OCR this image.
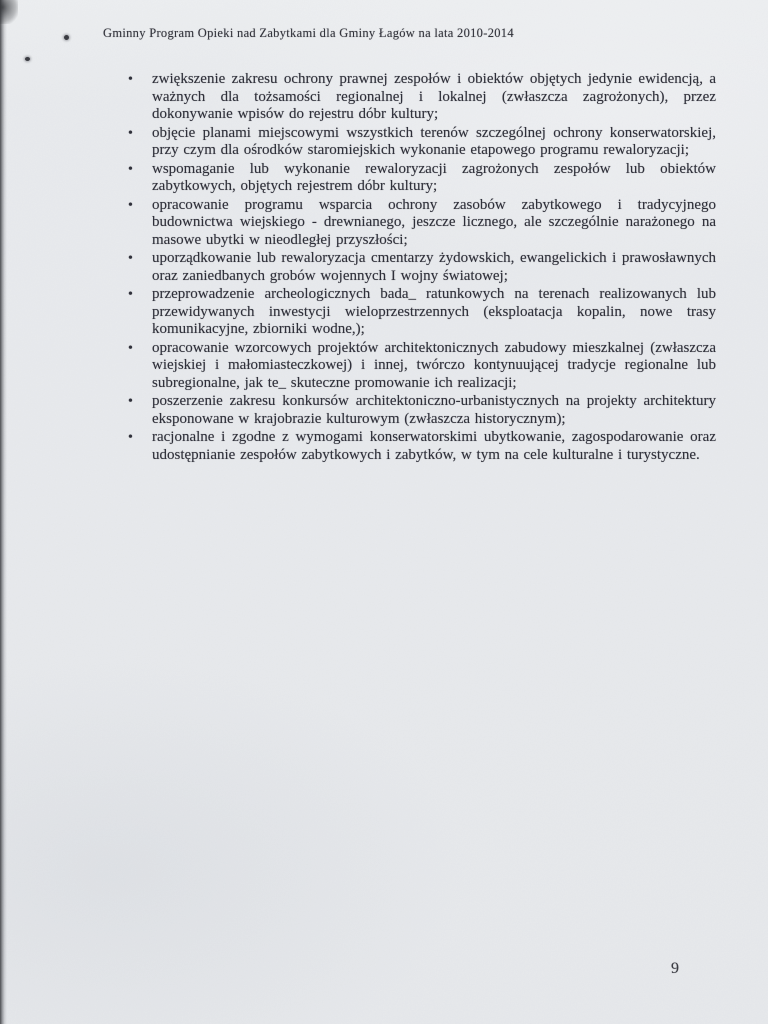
Gminny Program Opieki nad Zabytkami dla Gminy Łagów na lata 2010-2014

•	zwiększenie zakresu ochrony prawnej zespołów i obiektów objętych jedynie ewidencją, a ważnych dla tożsamości regionalnej i lokalnej (zwłaszcza zagrożonych), przez dokonywanie wpisów do rejestru dóbr kultury;
•	objęcie planami miejscowymi wszystkich terenów szczególnej ochrony konserwatorskiej, przy czym dla ośrodków staromiejskich wykonanie etapowego programu rewaloryzacji;
•	wspomaganie lub wykonanie rewaloryzacji zagrożonych zespołów lub obiektów zabytkowych, objętych rejestrem dóbr kultury;
•	opracowanie programu wsparcia ochrony zasobów zabytkowego i tradycyjnego budownictwa wiejskiego - drewnianego, jeszcze licznego, ale szczególnie narażonego na masowe ubytki w nieodległej przyszłości;
•	uporządkowanie lub rewaloryzacja cmentarzy żydowskich, ewangelickich i prawosławnych oraz zaniedbanych grobów wojennych I wojny światowej;
•	przeprowadzenie archeologicznych bada_ ratunkowych na terenach realizowanych lub przewidywanych inwestycji wieloprzestrzennych (eksploatacja kopalin, nowe trasy komunikacyjne, zbiorniki wodne,);
•	opracowanie wzorcowych projektów architektonicznych zabudowy mieszkalnej (zwłaszcza wiejskiej i małomiasteczkowej) i innej, twórczo kontynuującej tradycje regionalne lub subregionalne, jak te_ skuteczne promowanie ich realizacji;
•	poszerzenie zakresu konkursów architektoniczno-urbanistycznych na projekty architektury eksponowane w krajobrazie kulturowym (zwłaszcza historycznym);
•	racjonalne i zgodne z wymogami konserwatorskimi ubytkowanie, zagospodarowanie oraz udostępnianie zespołów zabytkowych i zabytków, w tym na cele kulturalne i turystyczne.
9
